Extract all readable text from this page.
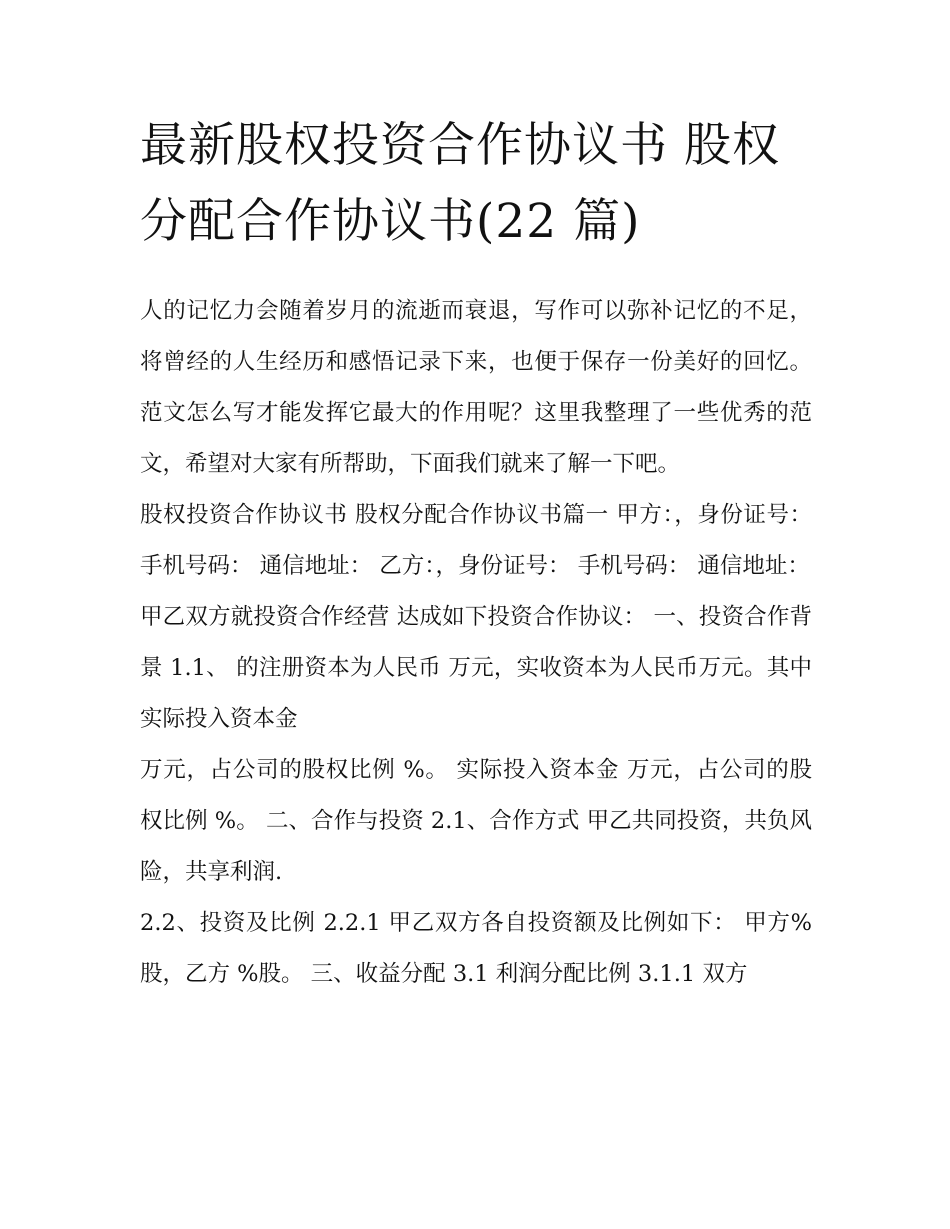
最新股权投资合作协议书 股权分配合作协议书(22 篇)

人的记忆力会随着岁月的流逝而衰退，写作可以弥补记忆的不足，将曾经的人生经历和感悟记录下来，也便于保存一份美好的回忆。范文怎么写才能发挥它最大的作用呢？这里我整理了一些优秀的范文，希望对大家有所帮助，下面我们就来了解一下吧。

股权投资合作协议书 股权分配合作协议书篇一 甲方：，身份证号： 手机号码： 通信地址： 乙方：，身份证号： 手机号码： 通信地址：

甲乙双方就投资合作经营 达成如下投资合作协议： 一、投资合作背景 1.1、 的注册资本为人民币 万元，实收资本为人民币万元。其中 实际投入资本金

万元，占公司的股权比例 %。 实际投入资本金 万元，占公司的股权比例 %。 二、合作与投资 2.1、合作方式 甲乙共同投资，共负风险，共享利润.

2.2、投资及比例 2.2.1 甲乙双方各自投资额及比例如下： 甲方% 股，乙方 %股。 三、收益分配 3.1 利润分配比例 3.1.1 双方
